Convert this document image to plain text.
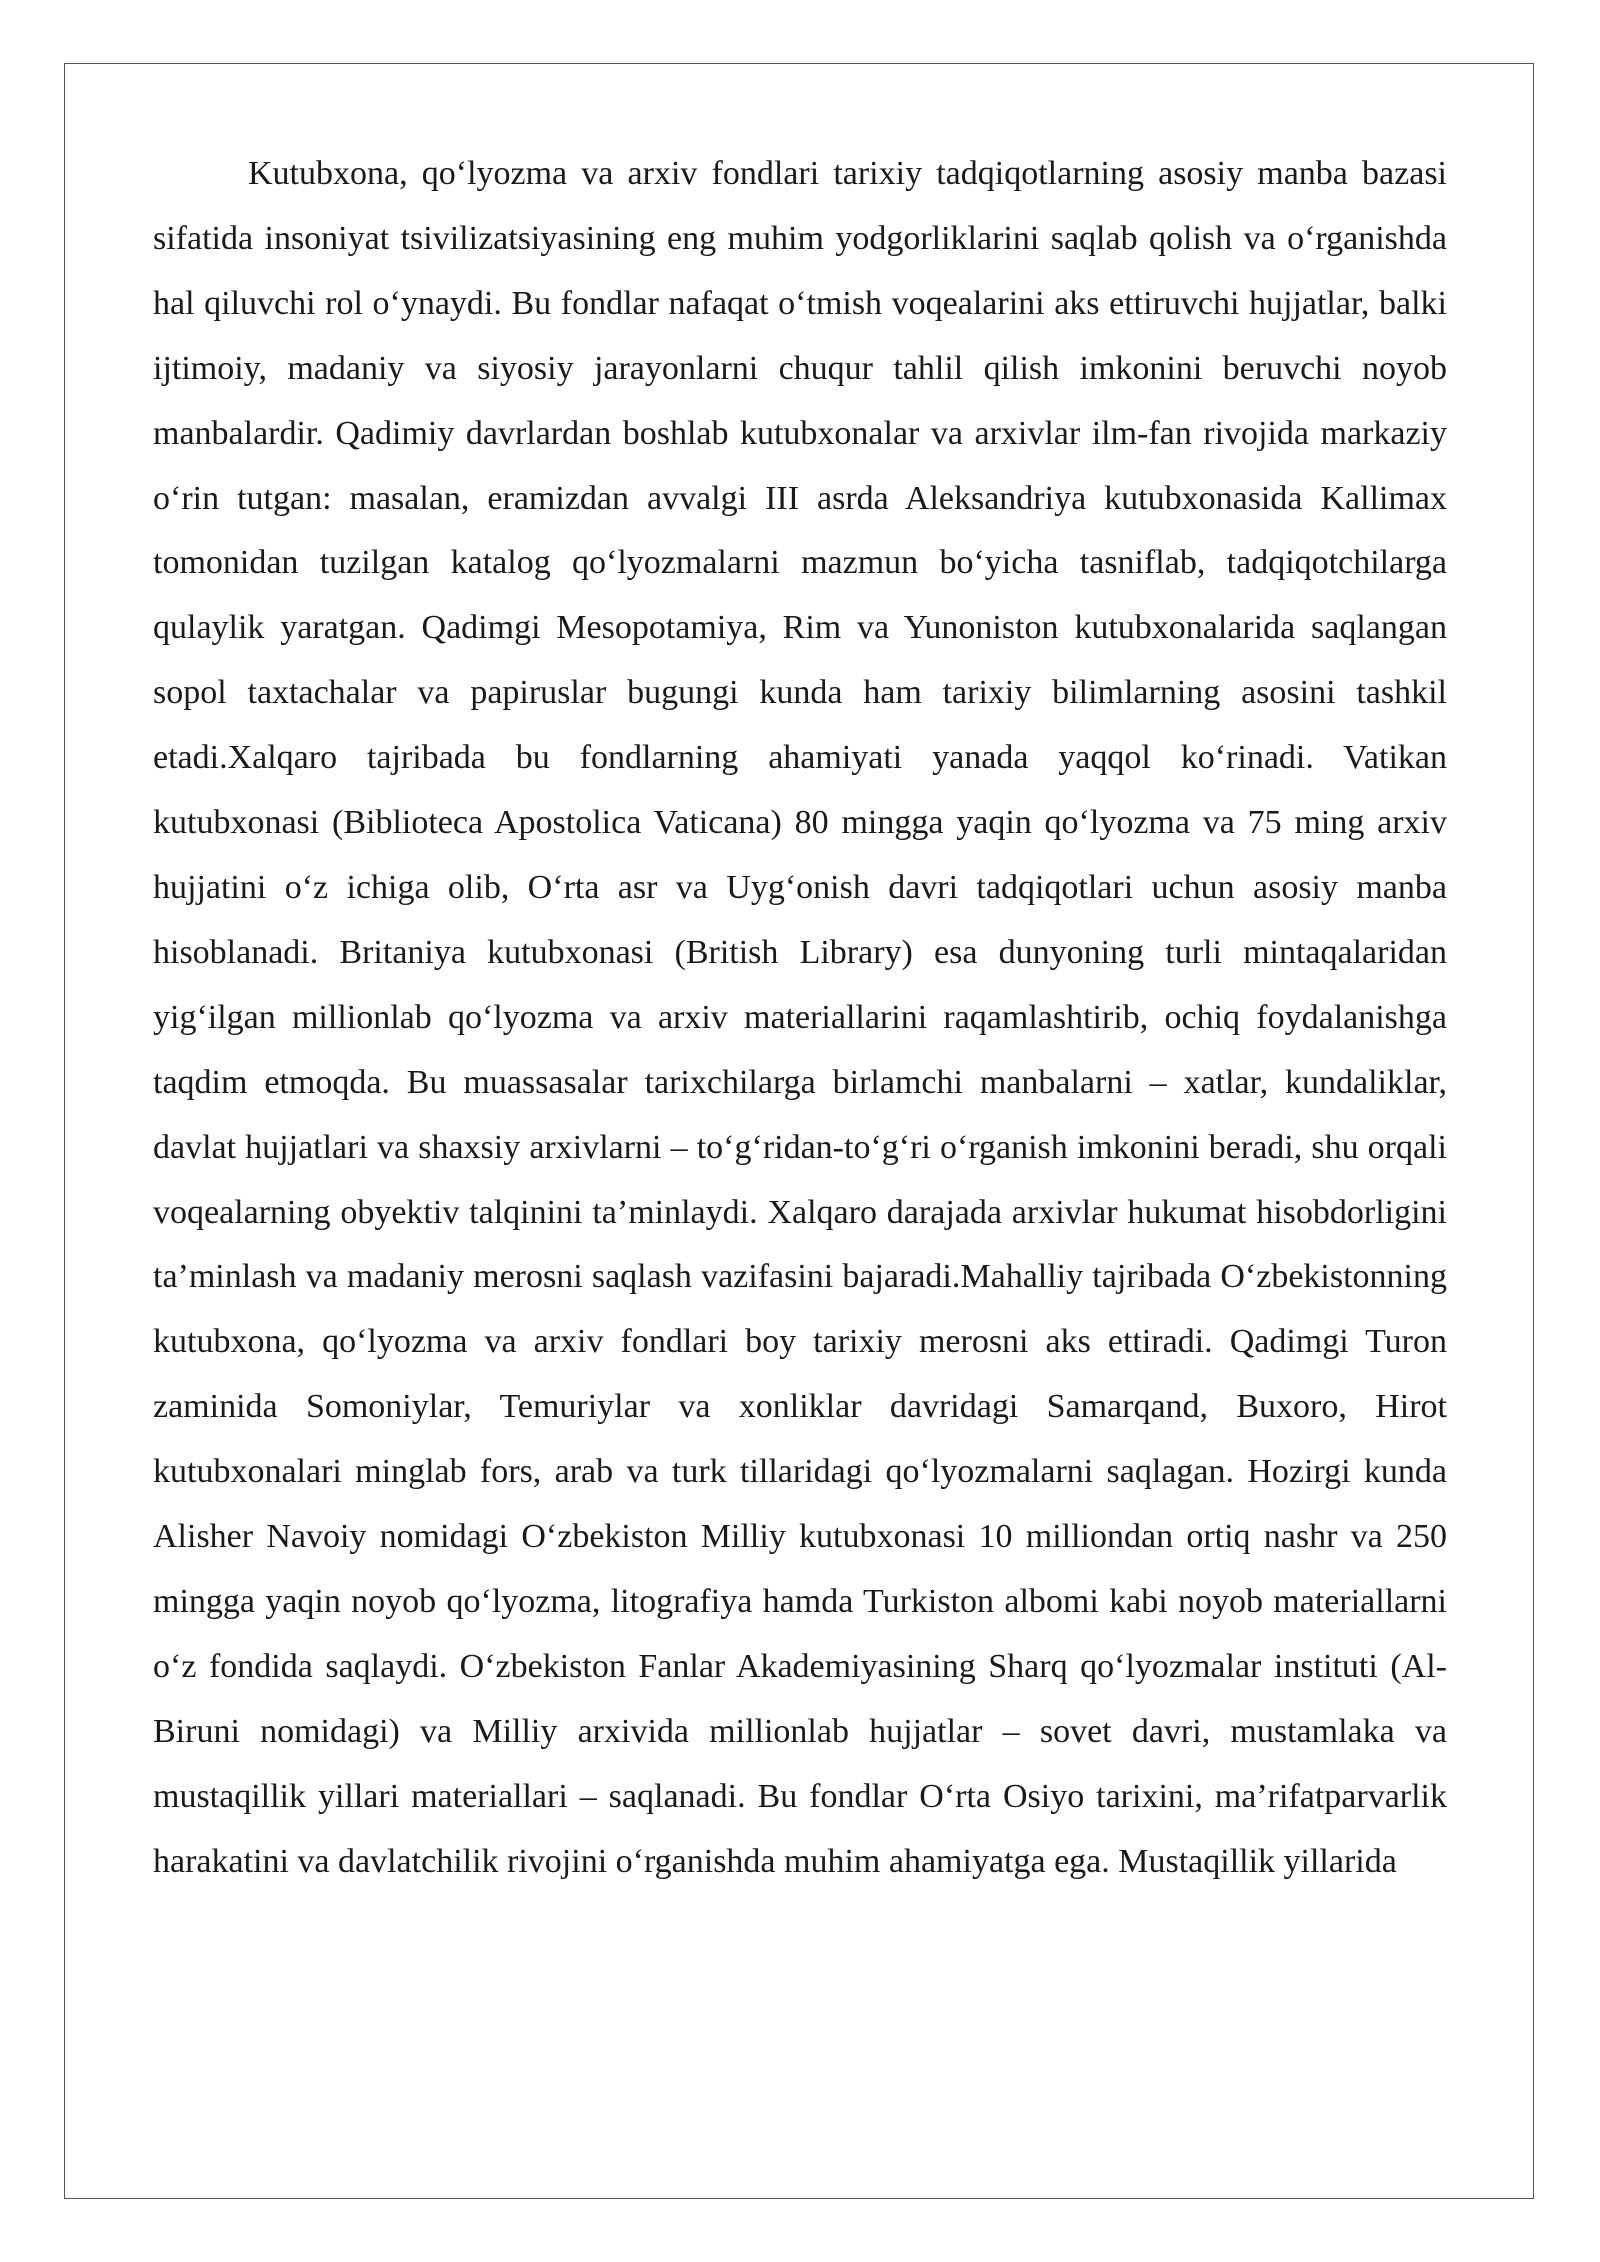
Kutubxona, qo‘lyozma va arxiv fondlari tarixiy tadqiqotlarning asosiy manba bazasi sifatida insoniyat tsivilizatsiyasining eng muhim yodgorliklarini saqlab qolish va o‘rganishda hal qiluvchi rol o‘ynaydi. Bu fondlar nafaqat o‘tmish voqealarini aks ettiruvchi hujjatlar, balki ijtimoiy, madaniy va siyosiy jarayonlarni chuqur tahlil qilish imkonini beruvchi noyob manbalardir. Qadimiy davrlardan boshlab kutubxonalar va arxivlar ilm-fan rivojida markaziy o‘rin tutgan: masalan, eramizdan avvalgi III asrda Aleksandriya kutubxonasida Kallimax tomonidan tuzilgan katalog qo‘lyozmalarni mazmun bo‘yicha tasniflab, tadqiqotchilarga qulaylik yaratgan. Qadimgi Mesopotamiya, Rim va Yunoniston kutubxonalarida saqlangan sopol taxtachalar va papiruslar bugungi kunda ham tarixiy bilimlarning asosini tashkil etadi.Xalqaro tajribada bu fondlarning ahamiyati yanada yaqqol ko‘rinadi. Vatikan kutubxonasi (Biblioteca Apostolica Vaticana) 80 mingga yaqin qo‘lyozma va 75 ming arxiv hujjatini o‘z ichiga olib, O‘rta asr va Uyg‘onish davri tadqiqotlari uchun asosiy manba hisoblanadi. Britaniya kutubxonasi (British Library) esa dunyoning turli mintaqalaridan yig‘ilgan millionlab qo‘lyozma va arxiv materiallarini raqamlashtirib, ochiq foydalanishga taqdim etmoqda. Bu muassasalar tarixchilarga birlamchi manbalarni – xatlar, kundaliklar, davlat hujjatlari va shaxsiy arxivlarni – to‘g‘ridan-to‘g‘ri o‘rganish imkonini beradi, shu orqali voqealarning obyektiv talqinini ta’minlaydi. Xalqaro darajada arxivlar hukumat hisobdorligini ta’minlash va madaniy merosni saqlash vazifasini bajaradi.Mahalliy tajribada O‘zbekistonning kutubxona, qo‘lyozma va arxiv fondlari boy tarixiy merosni aks ettiradi. Qadimgi Turon zaminida Somoniylar, Temuriylar va xonliklar davridagi Samarqand, Buxoro, Hirot kutubxonalari minglab fors, arab va turk tillaridagi qo‘lyozmalarni saqlagan. Hozirgi kunda Alisher Navoiy nomidagi O‘zbekiston Milliy kutubxonasi 10 milliondan ortiq nashr va 250 mingga yaqin noyob qo‘lyozma, litografiya hamda Turkiston albomi kabi noyob materiallarni o‘z fondida saqlaydi. O‘zbekiston Fanlar Akademiyasining Sharq qo‘lyozmalar instituti (Al-Biruni nomidagi) va Milliy arxivida millionlab hujjatlar – sovet davri, mustamlaka va mustaqillik yillari materiallari – saqlanadi. Bu fondlar O‘rta Osiyo tarixini, ma’rifatparvarlik harakatini va davlatchilik rivojini o‘rganishda muhim ahamiyatga ega. Mustaqillik yillarida
